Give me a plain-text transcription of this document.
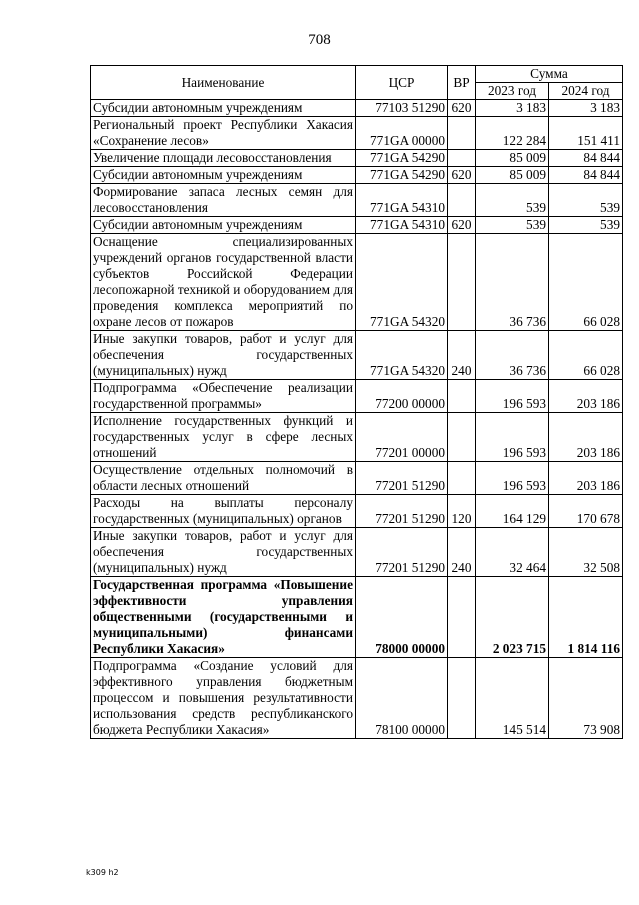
708
Наименование	ЦСР	ВР	Сумма	
			2023 год	2024 год
Субсидии автономным учреждениям	77103 51290	620	3 183	3 183
Региональный проект Республики Хакасия «Сохранение лесов»	771GA 00000		122 284	151 411
Увеличение площади лесовосстановления	771GA 54290		85 009	84 844
Субсидии автономным учреждениям	771GA 54290	620	85 009	84 844
Формирование запаса лесных семян для лесовосстановления	771GA 54310		539	539
Субсидии автономным учреждениям	771GA 54310	620	539	539
Оснащение специализированных учреждений органов государственной власти субъектов Российской Федерации лесопожарной техникой и оборудованием для проведения комплекса мероприятий по охране лесов от пожаров	771GA 54320		36 736	66 028
Иные закупки товаров, работ и услуг для обеспечения государственных (муниципальных) нужд	771GA 54320	240	36 736	66 028
Подпрограмма «Обеспечение реализации государственной программы»	77200 00000		196 593	203 186
Исполнение государственных функций и государственных услуг в сфере лесных отношений	77201 00000		196 593	203 186
Осуществление отдельных полномочий в области лесных отношений	77201 51290		196 593	203 186
Расходы на выплаты персоналу государственных (муниципальных) органов	77201 51290	120	164 129	170 678
Иные закупки товаров, работ и услуг для обеспечения государственных (муниципальных) нужд	77201 51290	240	32 464	32 508
Государственная программа «Повышение эффективности управления общественными (государственными и муниципальными) финансами Республики Хакасия»	78000 00000		2 023 715	1 814 116
Подпрограмма «Создание условий для эффективного управления бюджетным процессом и повышения результативности использования средств республиканского бюджета Республики Хакасия»	78100 00000		145 514	73 908
k309 h2
